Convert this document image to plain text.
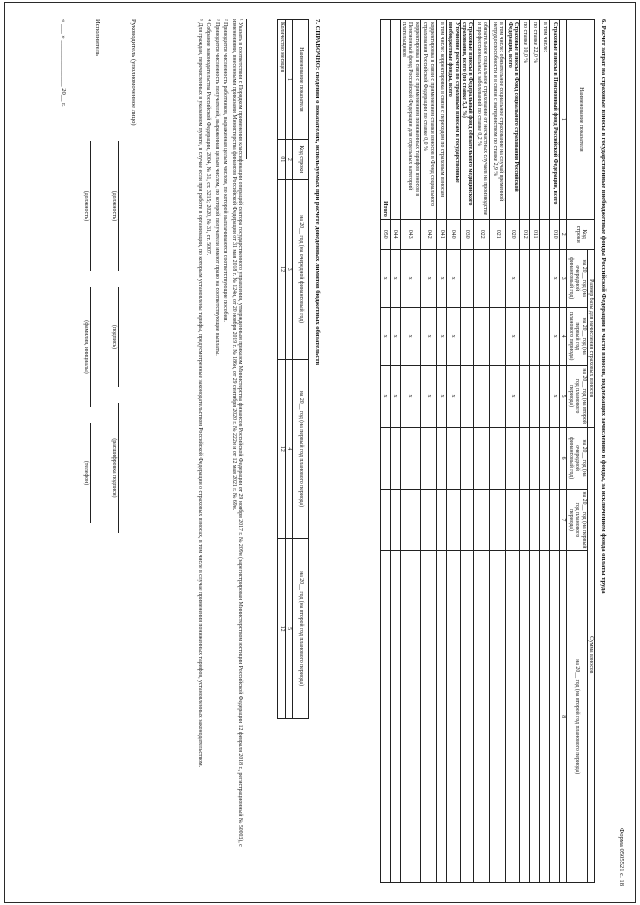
Форма 0505521 с. 18
6. Расчет затрат на страховые взносы в государственные внебюджетные фонды Российской Федерации в части взносов, подлежащих зачислению в фонды, за исключением фонда оплаты труда
Наименование показателя	Код строки	Размер базы для начисления страховых взносов			Сумма взносов		
		на 20__ год (на очередной финансовый год)	на 20__ год (на первый год планового периода)	на 20__ год (на второй год планового периода)	на 20__ год (на очередной финансовый год)	на 20__ год (на первый год планового периода)	на 20__ год (на второй год планового периода)
1	2	3	4	5	6	7	8
Страховые взносы в Пенсионный фонд Российской Федерации, всего	010	x	x	x			
в том числе:							
по ставке 22,0 %	011						
по ставке 10,0 %	012						
Страховые взносы в Фонд социального страхования Российской Федерации, всего	020	x	x	x			
в том числе: обязательное социальное страхование на случай временной нетрудоспособности и в связи с материнством по ставке 2,9 %	021						
обязательное социальное страхование от несчастных случаев на производстве и профессиональных заболеваний по ставке 0,2 %	022						
Страховые взносы в Федеральный фонд обязательного медицинского страхования, всего (по ставке 5,1 %)	030						
Уточнение расчета по страховым взносам в государственные внебюджетные фонды, всего	040	x	x	x			
в том числе: корректировка в связи с переходом по страховым взносам	041	x	x	x			
корректировка в связи с применением ставки взносов в Фонд социального страхования Российской Федерации по ставке 0,0 %	042	x	x	x			
корректировка в связи с применением пониженных тарифов взносов в Пенсионный фонд Российской Федерации для отдельных категорий плательщиков	043	x	x	x			
	044	x	x	x			
Итого	050	x	x	x			
7. СПРАВОЧНО: сведения о показателях, используемых при расчете доведенных лимитов бюджетных обязательств
Наименование показателя	Код строки	на 20__ год (на очередной финансовый год)	на 20__ год (на первый год планового периода)	на 20__ год (на второй год планового периода)
1	2	3	4	5
Количество месяцев	01	12	12	12
¹ Указать в соответствии с Порядком применения классификации операций сектора государственного управления, утвержденным приказом Министерства финансов Российской Федерации от 29 ноября 2017 г. № 209н (зарегистрирован Министерством юстиции Российской Федерации 12 февраля 2018 г., регистрационный № 50003), с изменениями, внесенными приказами Министерства финансов Российской Федерации от 31 мая 2018 г. № 124н, от 20 ноября 2019 г. № 186н, от 29 сентября 2020 г. № 222н и от 12 мая 2021 г. № 69н.
² Приводится численность работников, выраженная целым числом, по которой выплачиваются соответствующие пособия.
³ Приводится численность получателей, выраженная целым числом, по которой получатели имеют право на соответствующие выплаты.
⁴ Собрание законодательства Российской Федерации, 2004, № 31, ст. 3215; 2020, № 31, ст. 5007.
⁵ Для граждан, перечисленных в указанном пункте, в случае если при работе в организации, по которым установлены тарифы, предусмотренные законодательством Российской Федерации о страховых взносах, в том числе в случае применения пониженных тарифов, установленных законодательством.
Руководитель (уполномоченное лицо)
(должность)
(подпись)
(расшифровка подписи)
Исполнитель
(должность)
(фамилия, инициалы)
(телефон)
« ___ » ______________ 20__ г.
